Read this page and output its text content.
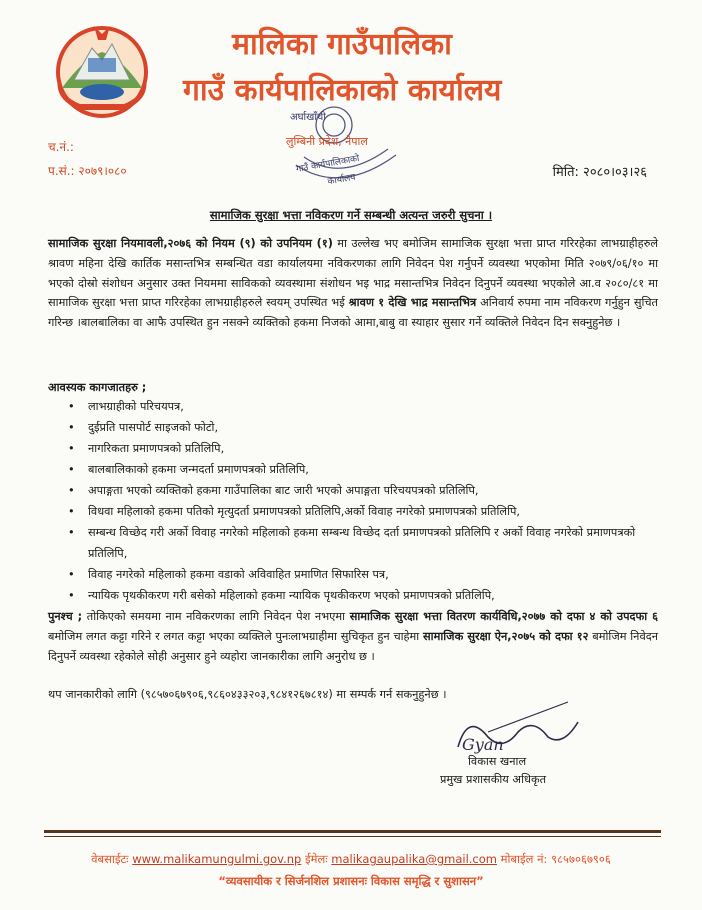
मालिका गाउँपालिका
गाउँ कार्यपालिकाको कार्यालय
अर्घाखाँची
लुम्बिनी प्रदेश, नेपाल
गाउँ कार्यपालिकाको
कार्यालय
च.नं.:
प.सं.: २०७९।०८०	मिति: २०८०।०३।२६
सामाजिक सुरक्षा भत्ता नविकरण गर्ने सम्बन्धी अत्यन्त जरुरी सुचना ।
सामाजिक सुरक्षा नियमावली,२०७६ को नियम (९) को उपनियम (१) मा उल्लेख भए बमोजिम सामाजिक सुरक्षा भत्ता प्राप्त गरिरहेका लाभग्राहीहरुले श्रावण महिना देखि कार्तिक मसान्तभित्र सम्बन्धित वडा कार्यालयमा नविकरणका लागि निवेदन पेश गर्नुपर्ने व्यवस्था भएकोमा मिति २०७९/०६/१० मा भएको दोस्रो संशोधन अनुसार उक्त नियममा साविकको व्यवस्थामा संशोधन भइ भाद्र मसान्तभित्र निवेदन दिनुपर्ने व्यवस्था भएकोले आ.व २०८०/८१ मा सामाजिक सुरक्षा भत्ता प्राप्त गरिरहेका लाभग्राहीहरुले स्वयम् उपस्थित भई श्रावण १ देखि भाद्र मसान्तभित्र अनिवार्य रुपमा नाम नविकरण गर्नुहुन सुचित गरिन्छ ।बालबालिका वा आफै उपस्थित हुन नसक्ने व्यक्तिको हकमा निजको आमा,बाबु वा स्याहार सुसार गर्ने व्यक्तिले निवेदन दिन सक्नुहुनेछ ।
आवस्यक कागजातहरु ;
• लाभग्राहीको परिचयपत्र,
• दुईप्रति पासपोर्ट साइजको फोटो,
• नागरिकता प्रमाणपत्रको प्रतिलिपि,
• बालबालिकाको हकमा जन्मदर्ता प्रमाणपत्रको प्रतिलिपि,
• अपाङ्गता भएको व्यक्तिको हकमा गाउँपालिका बाट जारी भएको अपाङ्गता परिचयपत्रको प्रतिलिपि,
• विधवा महिलाको हकमा पतिको मृत्युदर्ता प्रमाणपत्रको प्रतिलिपि,अर्को विवाह नगरेको प्रमाणपत्रको प्रतिलिपि,
• सम्बन्ध विच्छेद गरी अर्को विवाह नगरेको महिलाको हकमा सम्बन्ध विच्छेद दर्ता प्रमाणपत्रको प्रतिलिपि र अर्को विवाह नगरेको प्रमाणपत्रको प्रतिलिपि,
• विवाह नगरेको महिलाको हकमा वडाको अविवाहित प्रमाणित सिफारिस पत्र,
• न्यायिक पृथकीकरण गरी बसेको महिलाको हकमा न्यायिक पृथकीकरण भएको प्रमाणपत्रको प्रतिलिपि,
पुनश्च ; तोकिएको समयमा नाम नविकरणका लागि निवेदन पेश नभएमा सामाजिक सुरक्षा भत्ता वितरण कार्यविधि,२०७७ को दफा ४ को उपदफा ६ बमोजिम लगत कट्टा गरिने र लगत कट्टा भएका व्यक्तिले पुनःलाभग्राहीमा सुचिकृत हुन चाहेमा सामाजिक सुरक्षा ऐन,२०७५ को दफा १२ बमोजिम निवेदन दिनुपर्ने व्यवस्था रहेकोले सोही अनुसार हुने व्यहोरा जानकारीका लागि अनुरोध छ ।
थप जानकारीको लागि (९८५७०६७९०६,९८६०४३३२०३,९८४१२६७८१४) मा सम्पर्क गर्न सकनुहुनेछ ।
Gyan
विकास खनाल
प्रमुख प्रशासकीय अधिकृत
वेबसाईटः www.malikamungulmi.gov.np ईमेलः malikagaupalika@gmail.com मोबाईल नं: ९८५७०६७९०६
“व्यवसायीक र सिर्जनशिल प्रशासनः विकास समृद्धि र सुशासन”
